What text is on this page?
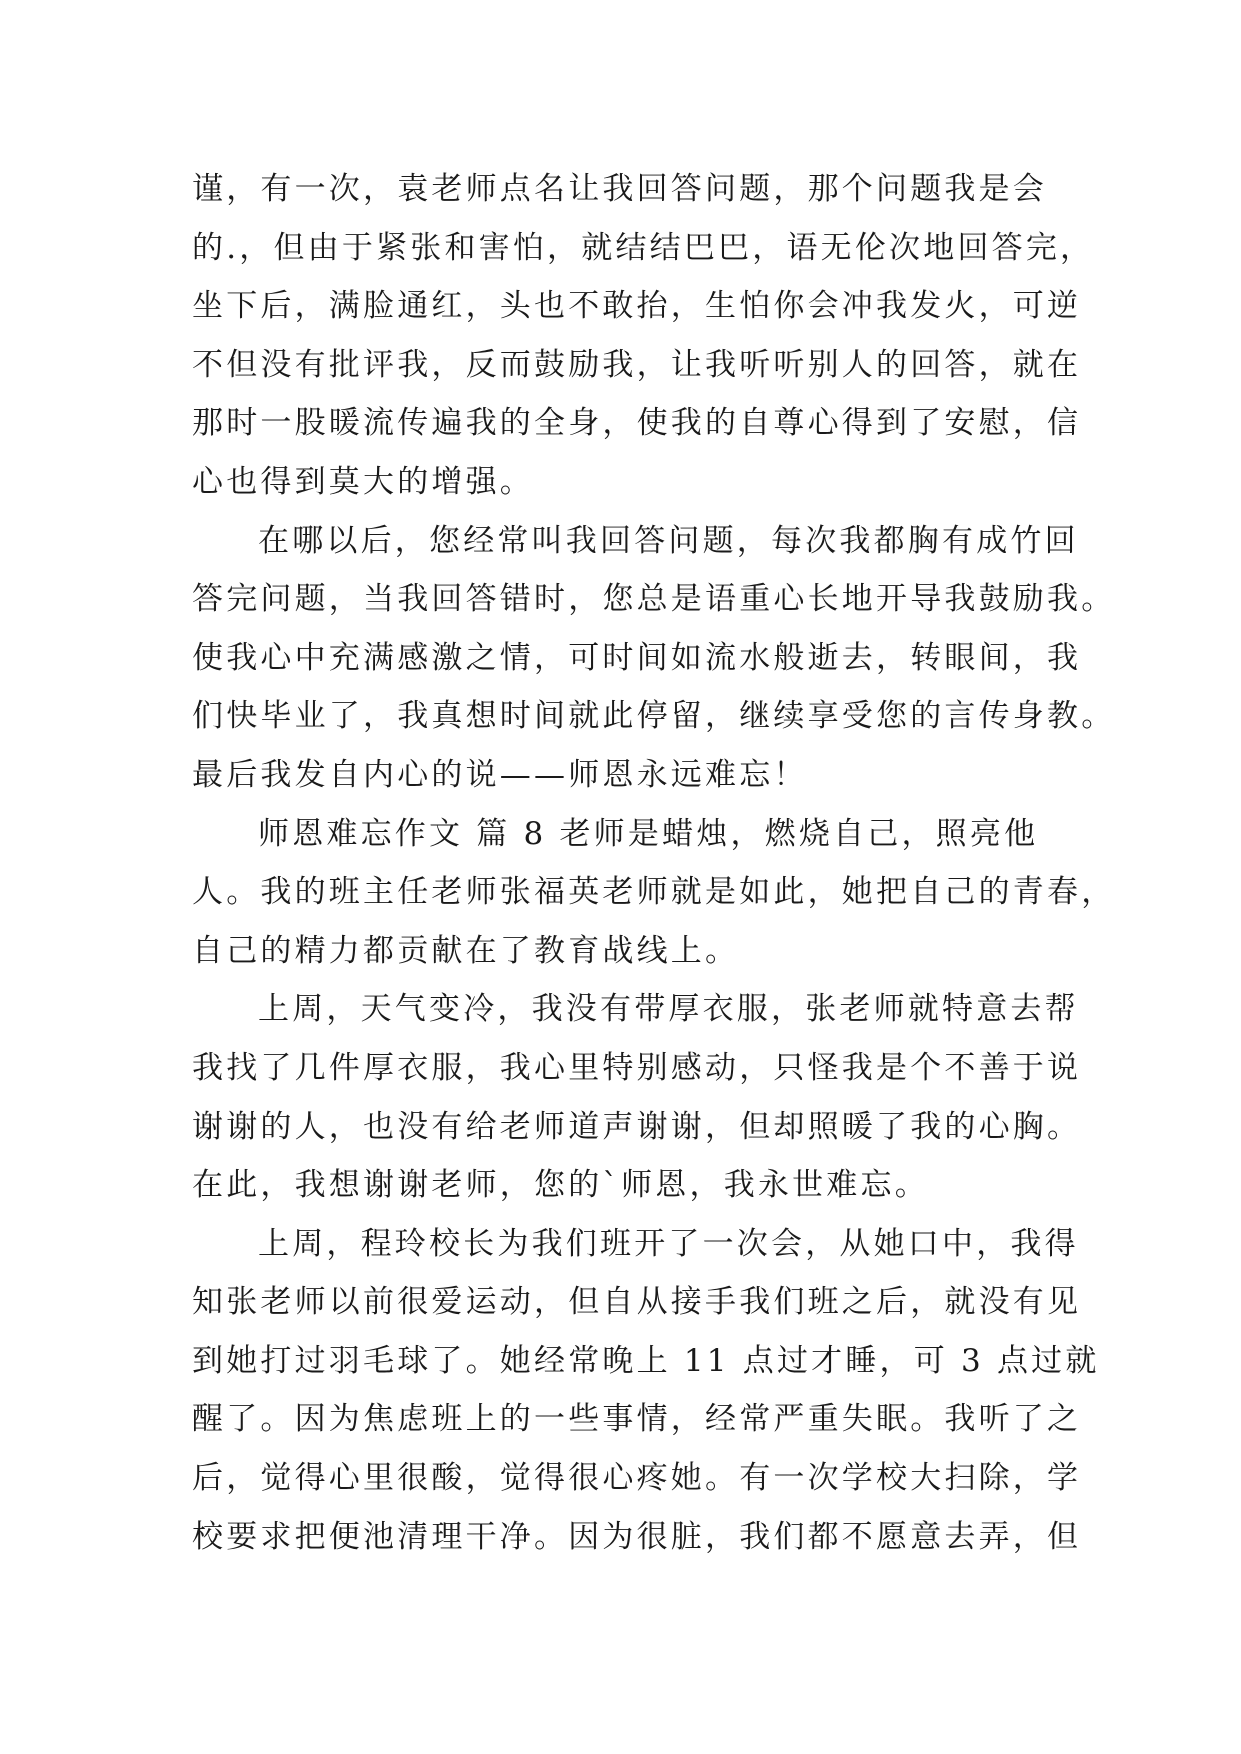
谨，有一次，袁老师点名让我回答问题，那个问题我是会
的.，但由于紧张和害怕，就结结巴巴，语无伦次地回答完，
坐下后，满脸通红，头也不敢抬，生怕你会冲我发火，可逆
不但没有批评我，反而鼓励我，让我听听别人的回答，就在
那时一股暖流传遍我的全身，使我的自尊心得到了安慰，信
心也得到莫大的增强。
在哪以后，您经常叫我回答问题，每次我都胸有成竹回
答完问题，当我回答错时，您总是语重心长地开导我鼓励我。
使我心中充满感激之情，可时间如流水般逝去，转眼间，我
们快毕业了，我真想时间就此停留，继续享受您的言传身教。
最后我发自内心的说——师恩永远难忘！
师恩难忘作文 篇 8 老师是蜡烛，燃烧自己，照亮他
人。我的班主任老师张福英老师就是如此，她把自己的青春，
自己的精力都贡献在了教育战线上。
上周，天气变冷，我没有带厚衣服，张老师就特意去帮
我找了几件厚衣服，我心里特别感动，只怪我是个不善于说
谢谢的人，也没有给老师道声谢谢，但却照暖了我的心胸。
在此，我想谢谢老师，您的`师恩，我永世难忘。
上周，程玲校长为我们班开了一次会，从她口中，我得
知张老师以前很爱运动，但自从接手我们班之后，就没有见
到她打过羽毛球了。她经常晚上 11 点过才睡，可 3 点过就
醒了。因为焦虑班上的一些事情，经常严重失眠。我听了之
后，觉得心里很酸，觉得很心疼她。有一次学校大扫除，学
校要求把便池清理干净。因为很脏，我们都不愿意去弄，但
